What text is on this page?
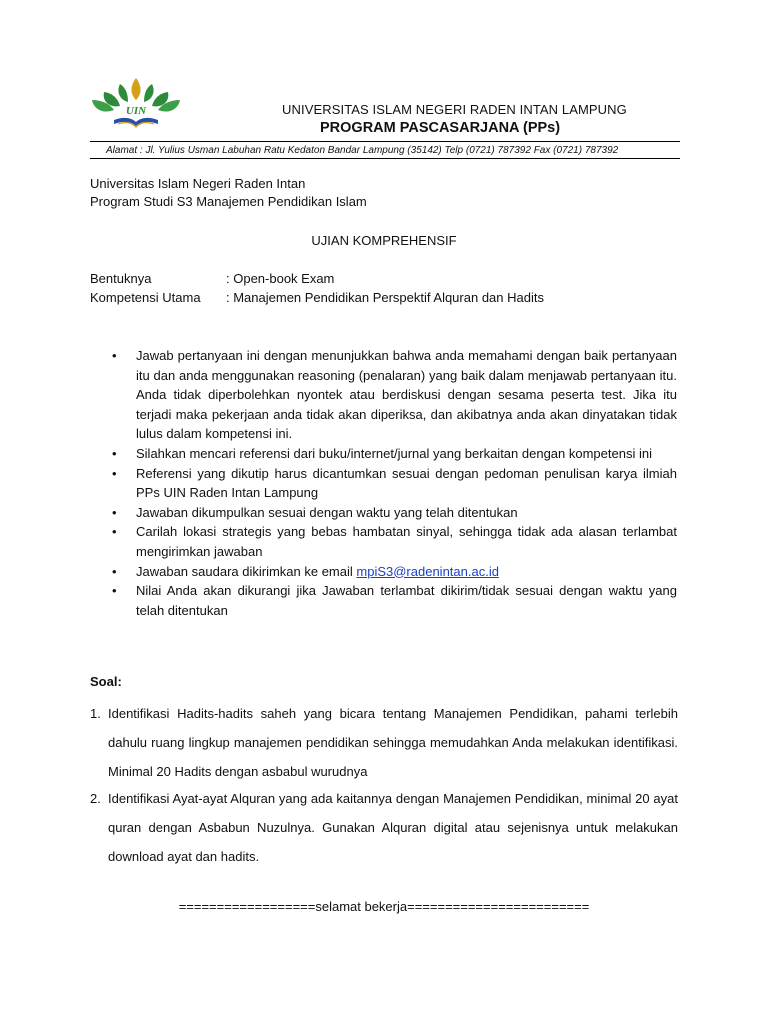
UIN	UNIVERSITAS ISLAM NEGERI RADEN INTAN LAMPUNG
PROGRAM PASCASARJANA (PPs)
Alamat : Jl. Yulius Usman Labuhan Ratu Kedaton Bandar Lampung (35142) Telp (0721) 787392 Fax (0721) 787392
Universitas Islam Negeri Raden Intan
Program Studi S3 Manajemen Pendidikan Islam
UJIAN KOMPREHENSIF
Bentuknya	: Open-book Exam
Kompetensi Utama : Manajemen Pendidikan Perspektif Alquran dan Hadits
• Jawab pertanyaan ini dengan menunjukkan bahwa anda memahami dengan baik pertanyaan itu dan anda menggunakan reasoning (penalaran) yang baik dalam menjawab pertanyaan itu. Anda tidak diperbolehkan nyontek atau berdiskusi dengan sesama peserta test. Jika itu terjadi maka pekerjaan anda tidak akan diperiksa, dan akibatnya anda akan dinyatakan tidak lulus dalam kompetensi ini.
• Silahkan mencari referensi dari buku/internet/jurnal yang berkaitan dengan kompetensi ini
• Referensi yang dikutip harus dicantumkan sesuai dengan pedoman penulisan karya ilmiah PPs UIN Raden Intan Lampung
• Jawaban dikumpulkan sesuai dengan waktu yang telah ditentukan
• Carilah lokasi strategis yang bebas hambatan sinyal, sehingga tidak ada alasan terlambat mengirimkan jawaban
• Jawaban saudara dikirimkan ke email mpiS3@radenintan.ac.id
• Nilai Anda akan dikurangi jika Jawaban terlambat dikirim/tidak sesuai dengan waktu yang telah ditentukan
Soal:
1. Identifikasi Hadits-hadits saheh yang bicara tentang Manajemen Pendidikan, pahami terlebih dahulu ruang lingkup manajemen pendidikan sehingga memudahkan Anda melakukan identifikasi. Minimal 20 Hadits dengan asbabul wurudnya
2. Identifikasi Ayat-ayat Alquran yang ada kaitannya dengan Manajemen Pendidikan, minimal 20 ayat quran dengan Asbabun Nuzulnya. Gunakan Alquran digital atau sejenisnya untuk melakukan download ayat dan hadits.
==================selamat bekerja========================
